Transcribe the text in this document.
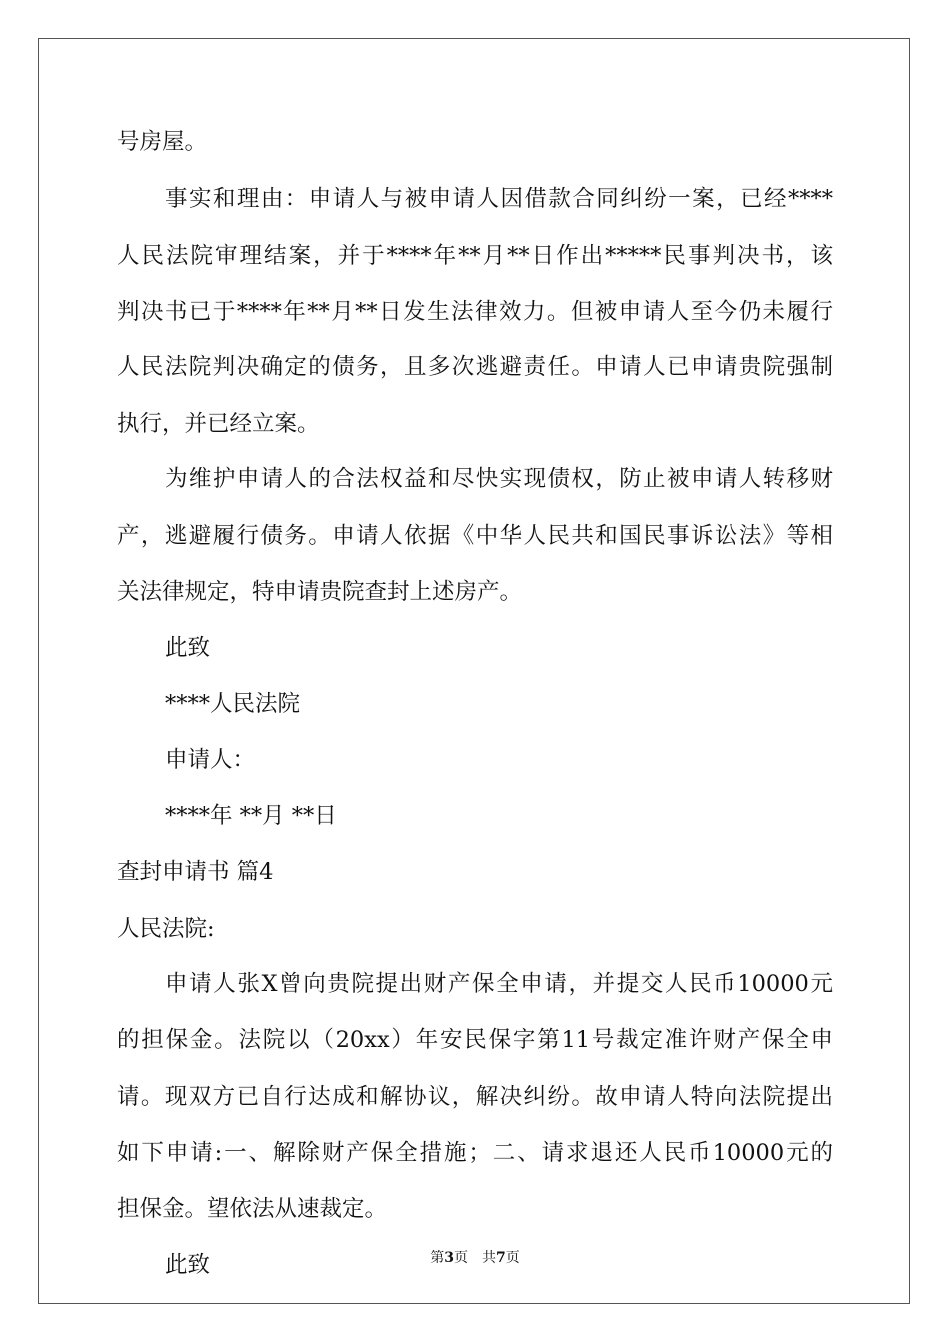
号房屋。
事实和理由：申请人与被申请人因借款合同纠纷一案，已经****
人民法院审理结案，并于****年**月**日作出*****民事判决书，该
判决书已于****年**月**日发生法律效力。但被申请人至今仍未履行
人民法院判决确定的债务，且多次逃避责任。申请人已申请贵院强制
执行，并已经立案。
为维护申请人的合法权益和尽快实现债权，防止被申请人转移财
产，逃避履行债务。申请人依据《中华人民共和国民事诉讼法》等相
关法律规定，特申请贵院查封上述房产。
此致
****人民法院
申请人：
****年 **月 **日
查封申请书 篇4
人民法院:
申请人张X曾向贵院提出财产保全申请，并提交人民币10000元
的担保金。法院以（20xx）年安民保字第11号裁定准许财产保全申
请。现双方已自行达成和解协议，解决纠纷。故申请人特向法院提出
如下申请:一、解除财产保全措施；二、请求退还人民币10000元的
担保金。望依法从速裁定。
此致	第3页　共7页
